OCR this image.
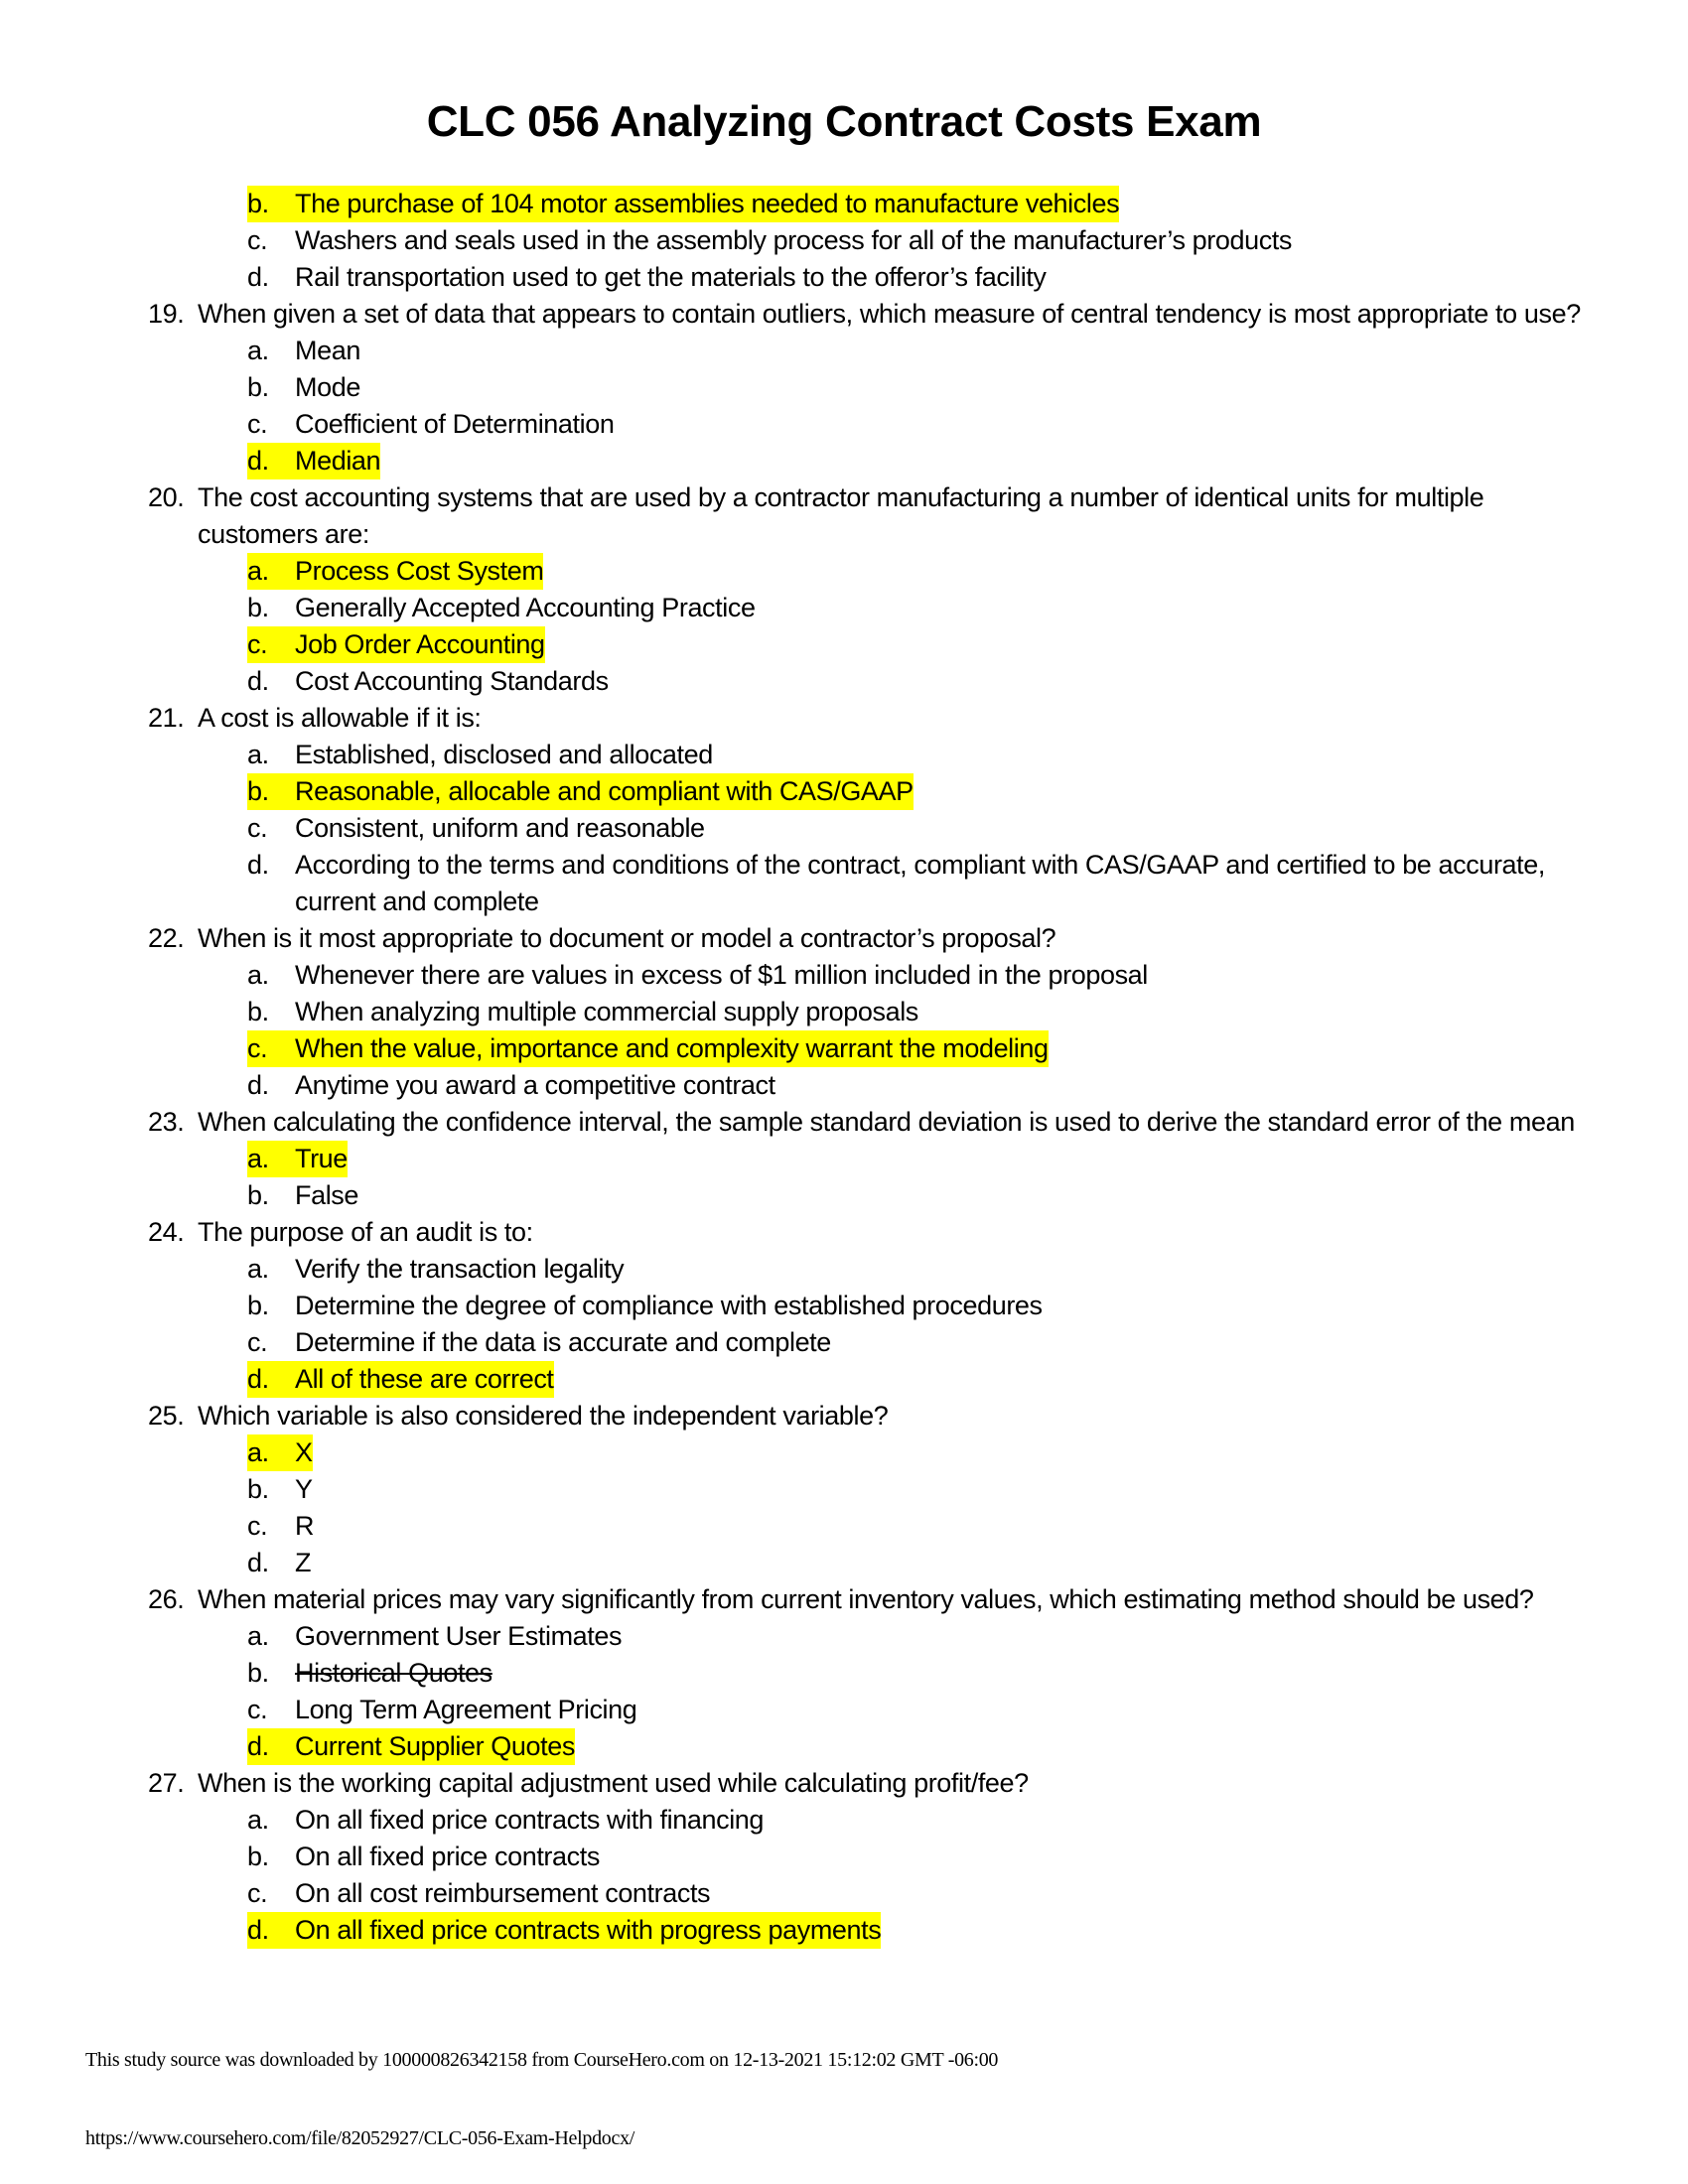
CLC 056 Analyzing Contract Costs Exam
b. The purchase of 104 motor assemblies needed to manufacture vehicles
c. Washers and seals used in the assembly process for all of the manufacturer’s products
d. Rail transportation used to get the materials to the offeror’s facility
19. When given a set of data that appears to contain outliers, which measure of central tendency is most appropriate to use?
a. Mean
b. Mode
c. Coefficient of Determination
d. Median
20. The cost accounting systems that are used by a contractor manufacturing a number of identical units for multiple customers are:
a. Process Cost System
b. Generally Accepted Accounting Practice
c. Job Order Accounting
d. Cost Accounting Standards
21. A cost is allowable if it is:
a. Established, disclosed and allocated
b. Reasonable, allocable and compliant with CAS/GAAP
c. Consistent, uniform and reasonable
d. According to the terms and conditions of the contract, compliant with CAS/GAAP and certified to be accurate, current and complete
22. When is it most appropriate to document or model a contractor’s proposal?
a. Whenever there are values in excess of $1 million included in the proposal
b. When analyzing multiple commercial supply proposals
c. When the value, importance and complexity warrant the modeling
d. Anytime you award a competitive contract
23. When calculating the confidence interval, the sample standard deviation is used to derive the standard error of the mean
a. True
b. False
24. The purpose of an audit is to:
a. Verify the transaction legality
b. Determine the degree of compliance with established procedures
c. Determine if the data is accurate and complete
d. All of these are correct
25. Which variable is also considered the independent variable?
a. X
b. Y
c. R
d. Z
26. When material prices may vary significantly from current inventory values, which estimating method should be used?
a. Government User Estimates
b. Historical Quotes
c. Long Term Agreement Pricing
d. Current Supplier Quotes
27. When is the working capital adjustment used while calculating profit/fee?
a. On all fixed price contracts with financing
b. On all fixed price contracts
c. On all cost reimbursement contracts
d. On all fixed price contracts with progress payments
This study source was downloaded by 100000826342158 from CourseHero.com on 12-13-2021 15:12:02 GMT -06:00
https://www.coursehero.com/file/82052927/CLC-056-Exam-Helpdocx/
